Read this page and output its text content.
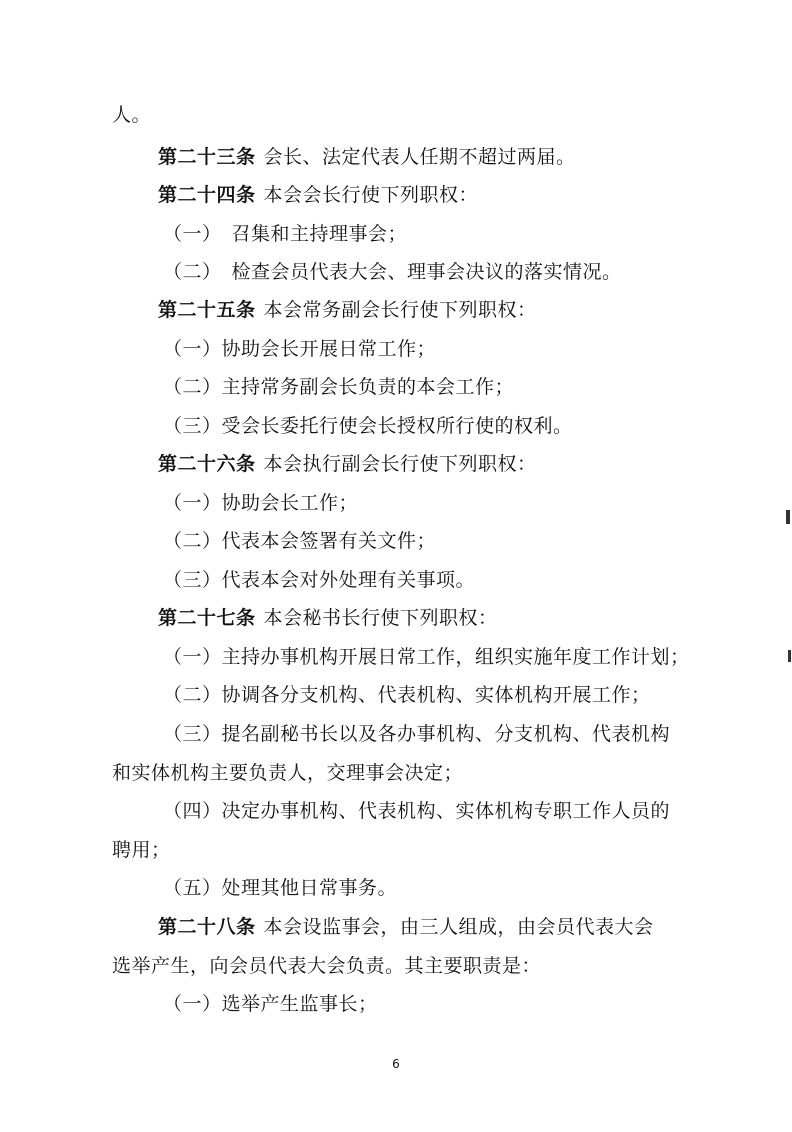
人。
第二十三条 会长、法定代表人任期不超过两届。
第二十四条 本会会长行使下列职权：
（一）　召集和主持理事会；
（二）　检查会员代表大会、理事会决议的落实情况。
第二十五条 本会常务副会长行使下列职权：
（一）协助会长开展日常工作；
（二）主持常务副会长负责的本会工作；
（三）受会长委托行使会长授权所行使的权利。
第二十六条 本会执行副会长行使下列职权：
（一）协助会长工作；
（二）代表本会签署有关文件；
（三）代表本会对外处理有关事项。
第二十七条 本会秘书长行使下列职权：
（一）主持办事机构开展日常工作，组织实施年度工作计划；
（二）协调各分支机构、代表机构、实体机构开展工作；
（三）提名副秘书长以及各办事机构、分支机构、代表机构
和实体机构主要负责人，交理事会决定；
（四）决定办事机构、代表机构、实体机构专职工作人员的
聘用；
（五）处理其他日常事务。
第二十八条 本会设监事会，由三人组成，由会员代表大会
选举产生，向会员代表大会负责。其主要职责是：
（一）选举产生监事长；
6
